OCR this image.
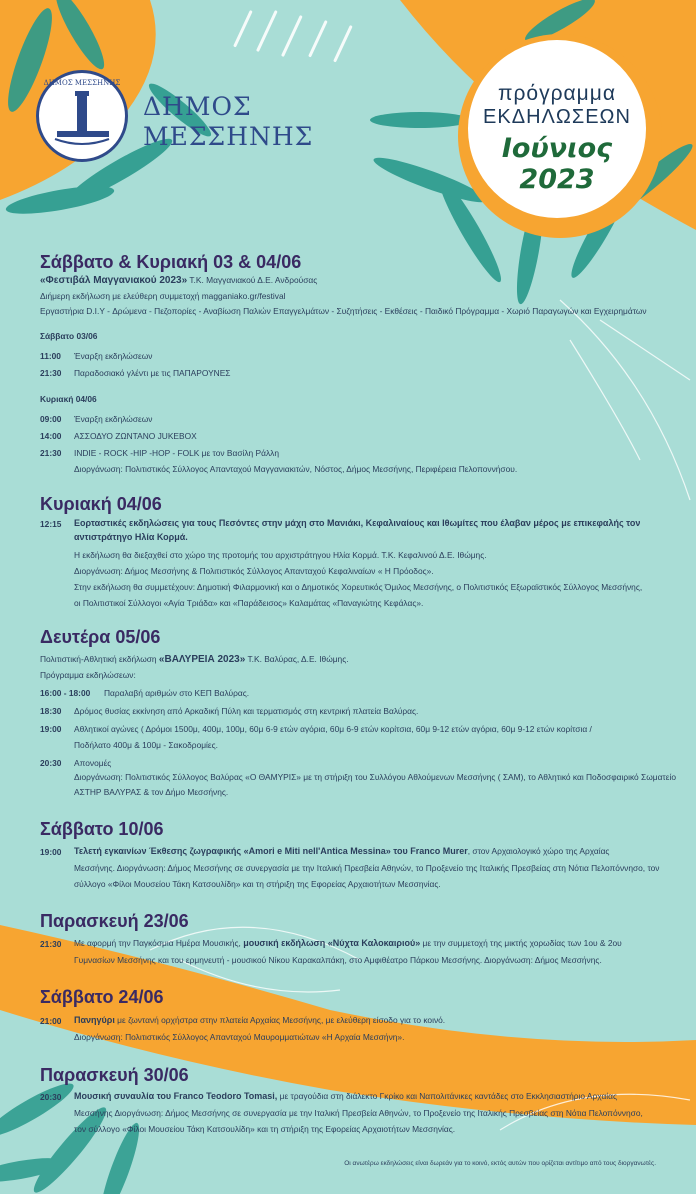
ΔΗΜΟΣ ΜΕΣΣΗΝΗΣ
ΔΗΜΟΣ
ΜΕΣΣΗΝΗΣ
πρόγραμμα
ΕΚΔΗΛΩΣΕΩΝ
Ιούνιος 2023
Σάββατο & Κυριακή 03 & 04/06
«Φεστιβάλ Μαγγανιακού 2023» Τ.Κ. Μαγγανιακού Δ.Ε. Ανδρούσας
Διήμερη εκδήλωση με ελεύθερη συμμετοχή magganiako.gr/festival
Εργαστήρια D.I.Y - Δρώμενα - Πεζοπορίες - Αναβίωση Παλιών Επαγγελμάτων - Συζητήσεις - Εκθέσεις - Παιδικό Πρόγραμμα - Χωριό Παραγωγών και Εγχειρημάτων
Σάββατο 03/06
11:00 Έναρξη εκδηλώσεων
21:30 Παραδοσιακό γλέντι με τις ΠΑΠΑΡΟΥΝΕΣ
Κυριακή 04/06
09:00 Έναρξη εκδηλώσεων
14:00 ΑΣΣΟΔΥΟ ΖΩΝΤΑΝΟ JUKEBOX
21:30 INDIE - ROCK -HIP -HOP - FOLK με τον Βασίλη Ράλλη
Διοργάνωση: Πολιτιστικός Σύλλογος Απανταχού Μαγγανιακιτών, Νόστος, Δήμος Μεσσήνης, Περιφέρεια Πελοποννήσου.
Κυριακή 04/06
12:15 Εορταστικές εκδηλώσεις για τους Πεσόντες στην μάχη στο Μανιάκι, Κεφαλιναίους και Ιθωμίτες που έλαβαν μέρος με επικεφαλής τον
αντιστράτηγο Ηλία Κορμά.
Η εκδήλωση θα διεξαχθεί στο χώρο της προτομής του αρχιστράτηγου Ηλία Κορμά. Τ.Κ. Κεφαλινού Δ.Ε. Ιθώμης.
Διοργάνωση: Δήμος Μεσσήνης & Πολιτιστικός Σύλλογος Απανταχού Κεφαλιναίων « Η Πρόοδος».
Στην εκδήλωση θα συμμετέχουν: Δημοτική Φιλαρμονική και ο Δημοτικός Χορευτικός Όμιλος Μεσσήνης, ο Πολιτιστικός Εξωραϊστικός Σύλλογος Μεσσήνης,
οι Πολιτιστικοί Σύλλογοι «Αγία Τριάδα» και «Παράδεισος» Καλαμάτας «Παναγιώτης Κεφάλας».
Δευτέρα 05/06
Πολιτιστική-Αθλητική εκδήλωση «ΒΑΛΥΡΕΙΑ 2023» Τ.Κ. Βαλύρας, Δ.Ε. Ιθώμης.
Πρόγραμμα εκδηλώσεων:
16:00 - 18:00 Παραλαβή αριθμών στο ΚΕΠ Βαλύρας.
18:30 Δρόμος θυσίας εκκίνηση από Αρκαδική Πύλη και τερματισμός στη κεντρική πλατεία Βαλύρας.
19:00 Αθλητικοί αγώνες ( Δρόμοι 1500μ, 400μ, 100μ, 60μ 6-9 ετών αγόρια, 60μ 6-9 ετών κορίτσια, 60μ 9-12 ετών αγόρια, 60μ 9-12 ετών κορίτσια /
Ποδήλατο 400μ & 100μ - Σακοδρομίες.
20:30 Απονομές
Διοργάνωση: Πολιτιστικός Σύλλογος Βαλύρας «Ο ΘΑΜΥΡΙΣ» με τη στήριξη του Συλλόγου Αθλούμενων Μεσσήνης ( ΣΑΜ), το Αθλητικό και Ποδοσφαιρικό Σωματείο
ΑΣΤΗΡ ΒΑΛΥΡΑΣ & τον Δήμο Μεσσήνης.
Σάββατο 10/06
19:00 Τελετή εγκαινίων Έκθεσης ζωγραφικής «Amori e Miti nell'Antica Messina» του Franco Murer, στον Αρχαιολογικό χώρο της Αρχαίας
Μεσσήνης. Διοργάνωση: Δήμος Μεσσήνης σε συνεργασία με την Ιταλική Πρεσβεία Αθηνών, το Προξενείο της Ιταλικής Πρεσβείας στη Νότια Πελοπόννησο, τον
σύλλογο «Φίλοι Μουσείου Τάκη Κατσουλίδη» και τη στήριξη της Εφορείας Αρχαιοτήτων Μεσσηνίας.
Παρασκευή 23/06
21:30 Με αφορμή την Παγκόσμια Ημέρα Μουσικής, μουσική εκδήλωση «Νύχτα Καλοκαιριού» με την συμμετοχή της μικτής χορωδίας των 1ου & 2ου
Γυμνασίων Μεσσήνης και του ερμηνευτή - μουσικού Νίκου Καρακαλπάκη, στο Αμφιθέατρο Πάρκου Μεσσήνης. Διοργάνωση: Δήμος Μεσσήνης.
Σάββατο 24/06
21:00 Πανηγύρι με ζωντανή ορχήστρα στην πλατεία Αρχαίας Μεσσήνης, με ελεύθερη είσοδο για το κοινό.
Διοργάνωση: Πολιτιστικός Σύλλογος Απανταχού Μαυρομματιώτων «Η Αρχαία Μεσσήνη».
Παρασκευή 30/06
20:30 Μουσική συναυλία του Franco Teodoro Tomasi, με τραγούδια στη διάλεκτο Γκρίκο και Ναπολιτάνικες καντάδες στο Εκκλησιαστήριο Αρχαίας
Μεσσήνης Διοργάνωση: Δήμος Μεσσήνης σε συνεργασία με την Ιταλική Πρεσβεία Αθηνών, το Προξενείο της Ιταλικής Πρεσβείας στη Νότια Πελοπόννησο,
τον σύλλογο «Φίλοι Μουσείου Τάκη Κατσουλίδη» και τη στήριξη της Εφορείας Αρχαιοτήτων Μεσσηνίας.
Οι ανωτέρω εκδηλώσεις είναι δωρεάν για το κοινό, εκτός αυτών που ορίζεται αντίτιμο από τους διοργανωτές.
